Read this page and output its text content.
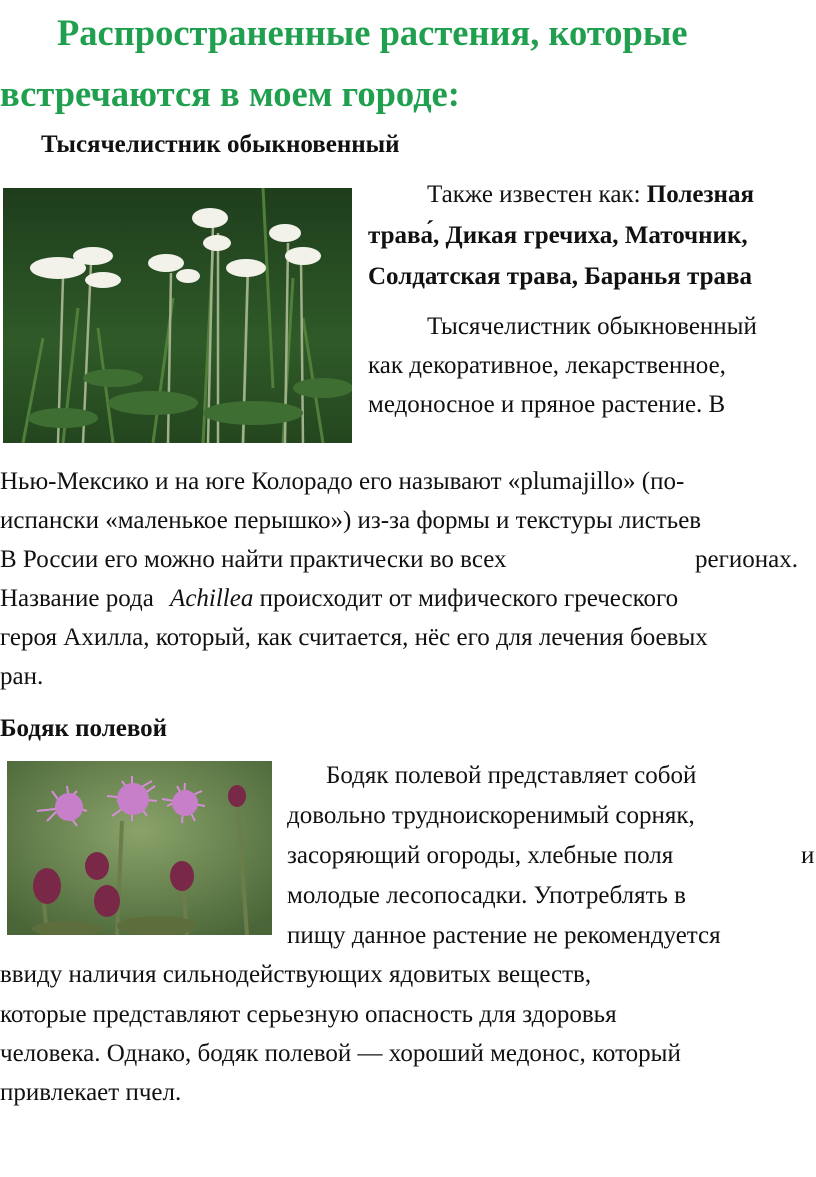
Распространенные растения, которые
встречаются в моем городе:
Тысячелистник обыкновенный
Также известен как: Полезная
трава́, Дикая гречиха, Маточник,
Солдатская трава, Баранья трава
Тысячелистник обыкновенный
как декоративное, лекарственное,
медоносное и пряное растение. В
Нью-Мексико и на юге Колорадо его называют «plumajillo» (по-
испански «маленькое перышко») из-за формы и текстуры листьев
В России его можно найти практически во всех	регионах.
Название рода Achillea происходит от мифического греческого
героя Ахилла, который, как считается, нёс его для лечения боевых
ран.
Бодяк полевой
Бодяк полевой представляет собой
довольно трудноискоренимый сорняк,
засоряющий огороды, хлебные поля	и
молодые лесопосадки. Употреблять в
пищу данное растение не рекомендуется
ввиду наличия сильнодействующих ядовитых веществ,
которые представляют серьезную опасность для здоровья
человека. Однако, бодяк полевой — хороший медонос, который
привлекает пчел.
